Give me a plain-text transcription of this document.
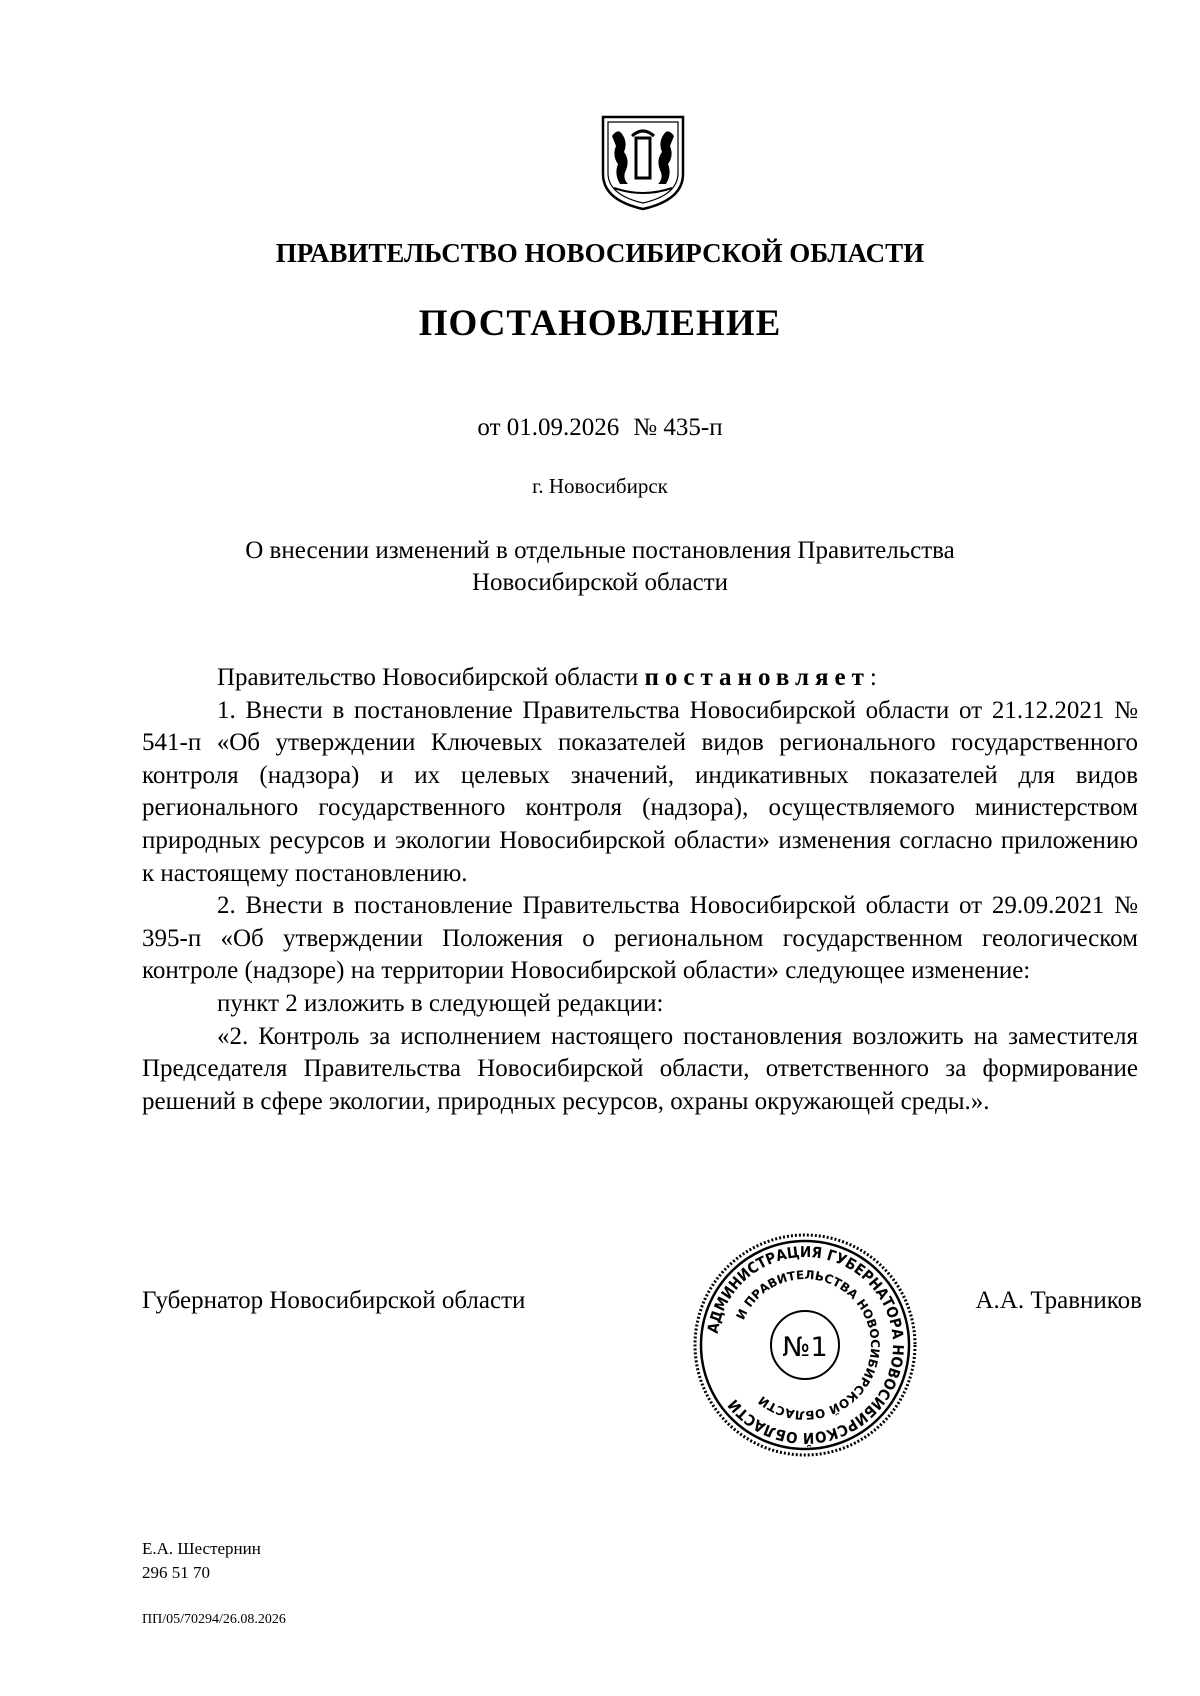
ПРАВИТЕЛЬСТВО НОВОСИБИРСКОЙ ОБЛАСТИ
ПОСТАНОВЛЕНИЕ
от 01.09.2026 № 435-п
г. Новосибирск
О внесении изменений в отдельные постановления Правительства
Новосибирской области

Правительство Новосибирской области постановляет:

1. Внести в постановление Правительства Новосибирской области от 21.12.2021 № 541-п «Об утверждении Ключевых показателей видов регионального государственного контроля (надзора) и их целевых значений, индикативных показателей для видов регионального государственного контроля (надзора), осуществляемого министерством природных ресурсов и экологии Новосибирской области» изменения согласно приложению к настоящему постановлению.

2. Внести в постановление Правительства Новосибирской области от 29.09.2021 № 395-п «Об утверждении Положения о региональном государственном геологическом контроле (надзоре) на территории Новосибирской области» следующее изменение:

пункт 2 изложить в следующей редакции:

«2. Контроль за исполнением настоящего постановления возложить на заместителя Председателя Правительства Новосибирской области, ответственного за формирование решений в сфере экологии, природных ресурсов, охраны окружающей среды.».

Губернатор Новосибирской области
АДМИНИСТРАЦИЯ ГУБЕРНАТОРА НОВОСИБИРСКОЙ ОБЛАСТИ
И ПРАВИТЕЛЬСТВА НОВОСИБИРСКОЙ ОБЛАСТИ
№1
А.А. Травников
Е.А. Шестернин
296 51 70
ПП/05/70294/26.08.2026
